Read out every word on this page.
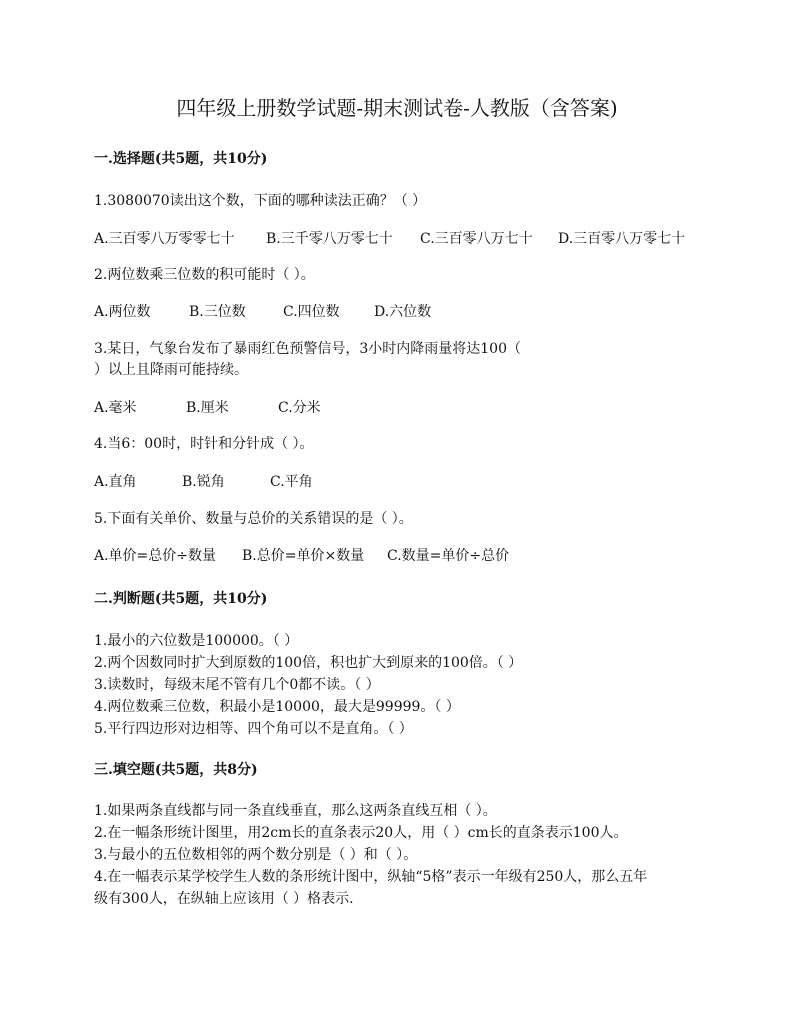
四年级上册数学试题-期末测试卷-人教版（含答案)
一.选择题(共5题，共10分)
1.3080070读出这个数，下面的哪种读法正确？（ ）
A.三百零八万零零七十 B.三千零八万零七十 C.三百零八万七十 D.三百零八万零七十
2.两位数乘三位数的积可能时（ ）。
A.两位数	B.三位数	C.四位数 D.六位数
3.某日，气象台发布了暴雨红色预警信号，3小时内降雨量将达100（
）以上且降雨可能持续。
A.毫米	B.厘米	C.分米
4.当6：00时，时针和分针成（ ）。
A.直角	B.锐角	C.平角
5.下面有关单价、数量与总价的关系错误的是（ ）。
A.单价=总价÷数量 B.总价=单价×数量 C.数量=单价÷总价
二.判断题(共5题，共10分)
1.最小的六位数是100000。（ ）
2.两个因数同时扩大到原数的100倍，积也扩大到原来的100倍。（ ）
3.读数时，每级末尾不管有几个0都不读。（ ）
4.两位数乘三位数，积最小是10000，最大是99999。（ ）
5.平行四边形对边相等、四个角可以不是直角。（ ）
三.填空题(共5题，共8分)
1.如果两条直线都与同一条直线垂直，那么这两条直线互相（ ）。
2.在一幅条形统计图里，用2cm长的直条表示20人，用（ ）cm长的直条表示100人。
3.与最小的五位数相邻的两个数分别是（ ）和（ ）。
4.在一幅表示某学校学生人数的条形统计图中，纵轴“5格”表示一年级有250人，那么五年
级有300人，在纵轴上应该用（ ）格表示.
